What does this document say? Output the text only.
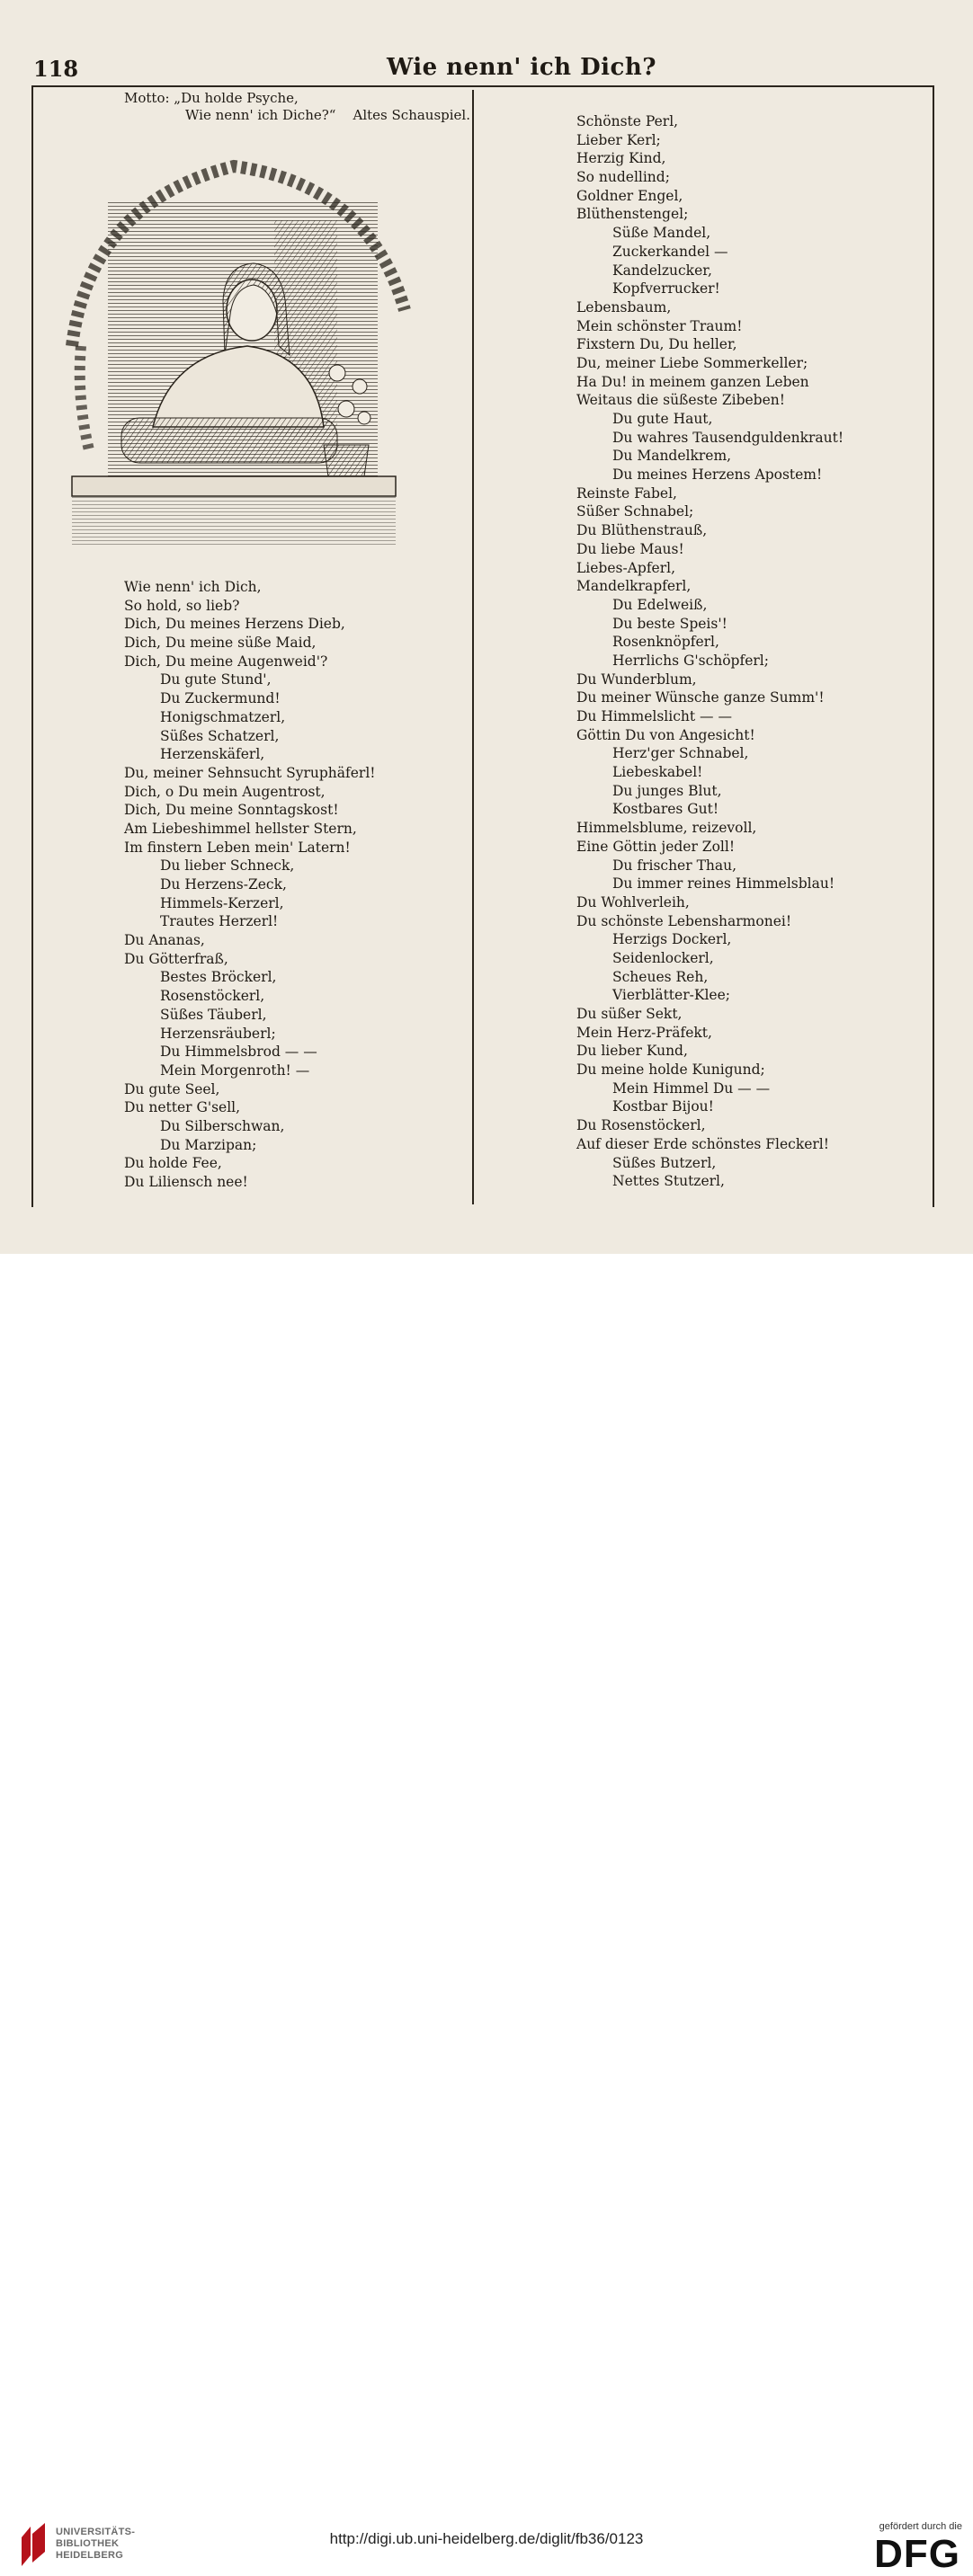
118	Wie nenn' ich Dich?
Motto: „Du holde Psyche,
Wie nenn' ich Diche?“ Altes Schauspiel.
Wie nenn' ich Dich,
So hold, so lieb?
Dich, Du meines Herzens Dieb,
Dich, Du meine süße Maid,
Dich, Du meine Augenweid'?
Du gute Stund',
Du Zuckermund!
Honigschmatzerl,
Süßes Schatzerl,
Herzenskäferl,
Du, meiner Sehnsucht Syruphäferl!
Dich, o Du mein Augentrost,
Dich, Du meine Sonntagskost!
Am Liebeshimmel hellster Stern,
Im finstern Leben mein' Latern!
Du lieber Schneck,
Du Herzens-Zeck,
Himmels-Kerzerl,
Trautes Herzerl!
Du Ananas,
Du Götterfraß,
Bestes Bröckerl,
Rosenstöckerl,
Süßes Täuberl,
Herzensräuberl;
Du Himmelsbrod — —
Mein Morgenroth! —
Du gute Seel,
Du netter G'sell,
Du Silberschwan,
Du Marzipan;
Du holde Fee,
Du Liliensch nee!
Schönste Perl,
Lieber Kerl;
Herzig Kind,
So nudellind;
Goldner Engel,
Blüthenstengel;
Süße Mandel,
Zuckerkandel —
Kandelzucker,
Kopfverrucker!
Lebensbaum,
Mein schönster Traum!
Fixstern Du, Du heller,
Du, meiner Liebe Sommerkeller;
Ha Du! in meinem ganzen Leben
Weitaus die süßeste Zibeben!
Du gute Haut,
Du wahres Tausendguldenkraut!
Du Mandelkrem,
Du meines Herzens Apostem!
Reinste Fabel,
Süßer Schnabel;
Du Blüthenstrauß,
Du liebe Maus!
Liebes-Apferl,
Mandelkrapferl,
Du Edelweiß,
Du beste Speis'!
Rosenknöpferl,
Herrlichs G'schöpferl;
Du Wunderblum,
Du meiner Wünsche ganze Summ'!
Du Himmelslicht — —
Göttin Du von Angesicht!
Herz'ger Schnabel,
Liebeskabel!
Du junges Blut,
Kostbares Gut!
Himmelsblume, reizevoll,
Eine Göttin jeder Zoll!
Du frischer Thau,
Du immer reines Himmelsblau!
Du Wohlverleih,
Du schönste Lebensharmonei!
Herzigs Dockerl,
Seidenlockerl,
Scheues Reh,
Vierblätter-Klee;
Du süßer Sekt,
Mein Herz-Präfekt,
Du lieber Kund,
Du meine holde Kunigund;
Mein Himmel Du — —
Kostbar Bijou!
Du Rosenstöckerl,
Auf dieser Erde schönstes Fleckerl!
Süßes Butzerl,
Nettes Stutzerl,
UNIVERSITÄTS-
BIBLIOTHEK
HEIDELBERG
http://digi.ub.uni-heidelberg.de/diglit/fb36/0123
gefördert durch die
DFG
